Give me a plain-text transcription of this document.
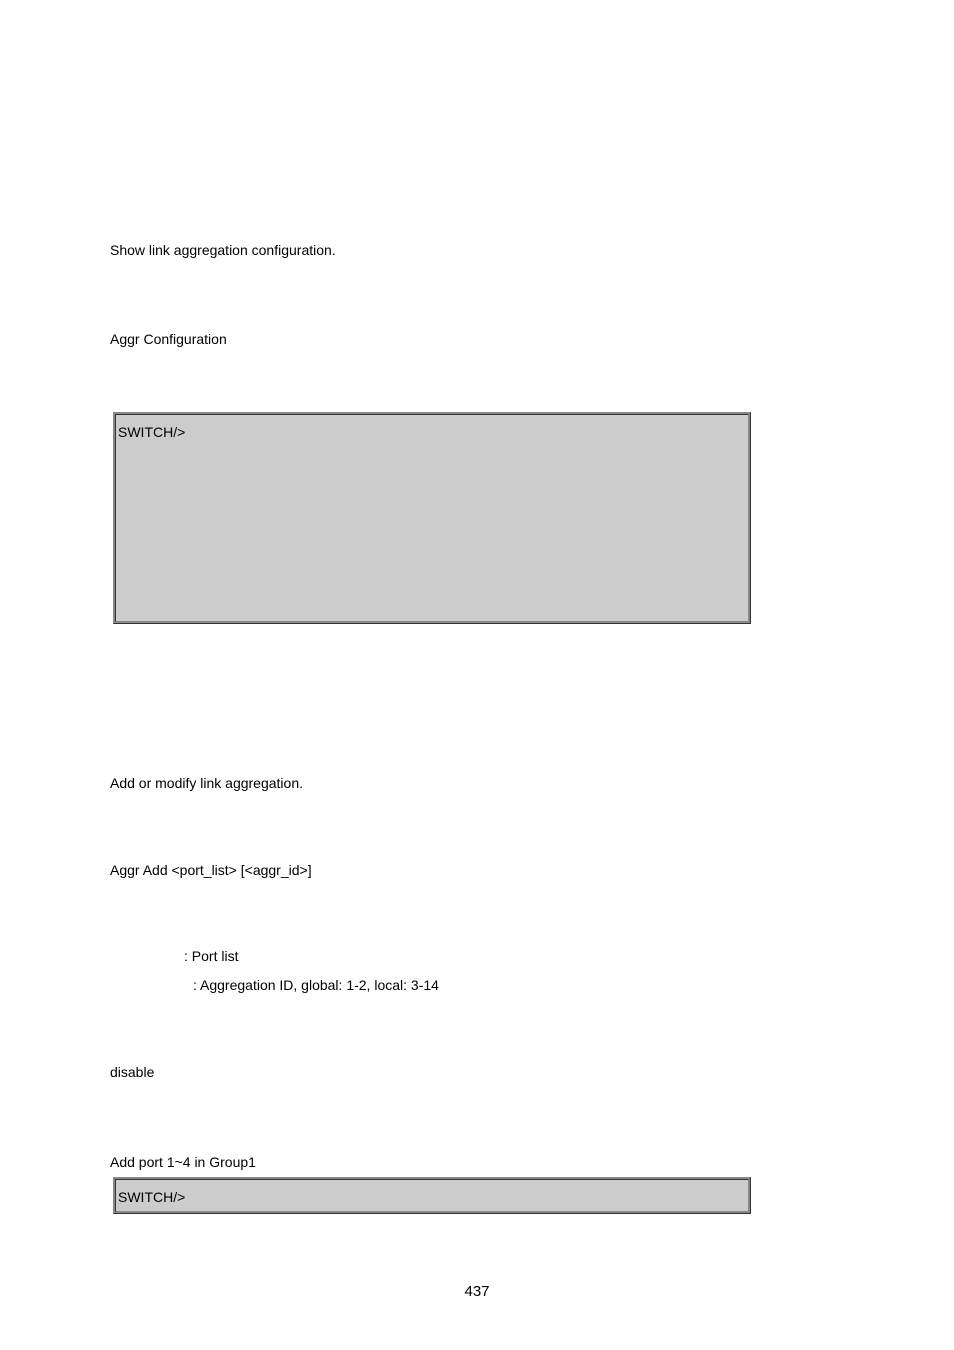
Show link aggregation configuration.
Aggr Configuration
SWITCH/>
Add or modify link aggregation.
Aggr Add <port_list> [<aggr_id>]
: Port list
: Aggregation ID, global: 1-2, local: 3-14
disable
Add port 1~4 in Group1
SWITCH/>
437
